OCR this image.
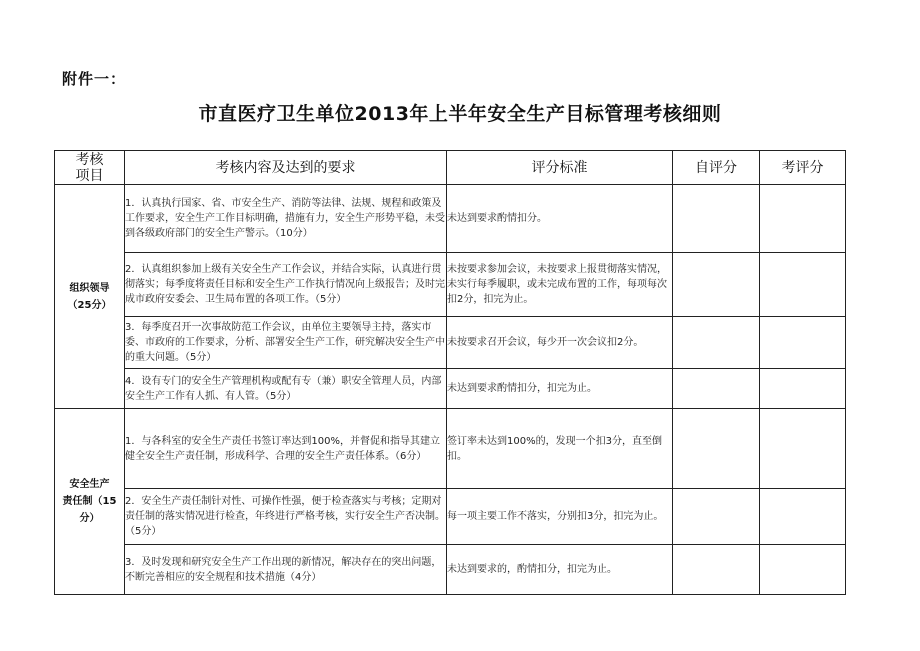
附件一：
市直医疗卫生单位2013年上半年安全生产目标管理考核细则
考核
项目	考核内容及达到的要求	评分标准	自评分	考评分

组织领导
（25分）	1．认真执行国家、省、市安全生产、消防等法律、法规、规程和政策及工作要求，安全生产工作目标明确，措施有力，安全生产形势平稳，未受到各级政府部门的安全生产警示。（10分）	未达到要求酌情扣分。		
	2．认真组织参加上级有关安全生产工作会议，并结合实际，认真进行贯彻落实；每季度将责任目标和安全生产工作执行情况向上级报告；及时完成市政府安委会、卫生局布置的各项工作。（5分）	未按要求参加会议，未按要求上报贯彻落实情况，未实行每季履职，或未完成布置的工作，每项每次扣2分，扣完为止。		
	3．每季度召开一次事故防范工作会议，由单位主要领导主持，落实市委、市政府的工作要求，分析、部署安全生产工作，研究解决安全生产中的重大问题。（5分）	未按要求召开会议，每少开一次会议扣2分。		
	4．设有专门的安全生产管理机构或配有专（兼）职安全管理人员，内部安全生产工作有人抓、有人管。（5分）	未达到要求酌情扣分，扣完为止。		

安全生产
责任制（15
分）	1．与各科室的安全生产责任书签订率达到100%，并督促和指导其建立健全安全生产责任制，形成科学、合理的安全生产责任体系。（6分）	签订率未达到100%的，发现一个扣3分，直至倒扣。		
	2．安全生产责任制针对性、可操作性强，便于检查落实与考核；定期对责任制的落实情况进行检查，年终进行严格考核，实行安全生产否决制。（5分）	每一项主要工作不落实，分别扣3分，扣完为止。		
	3．及时发现和研究安全生产工作出现的新情况，解决存在的突出问题，不断完善相应的安全规程和技术措施（4分）	未达到要求的，酌情扣分，扣完为止。		
